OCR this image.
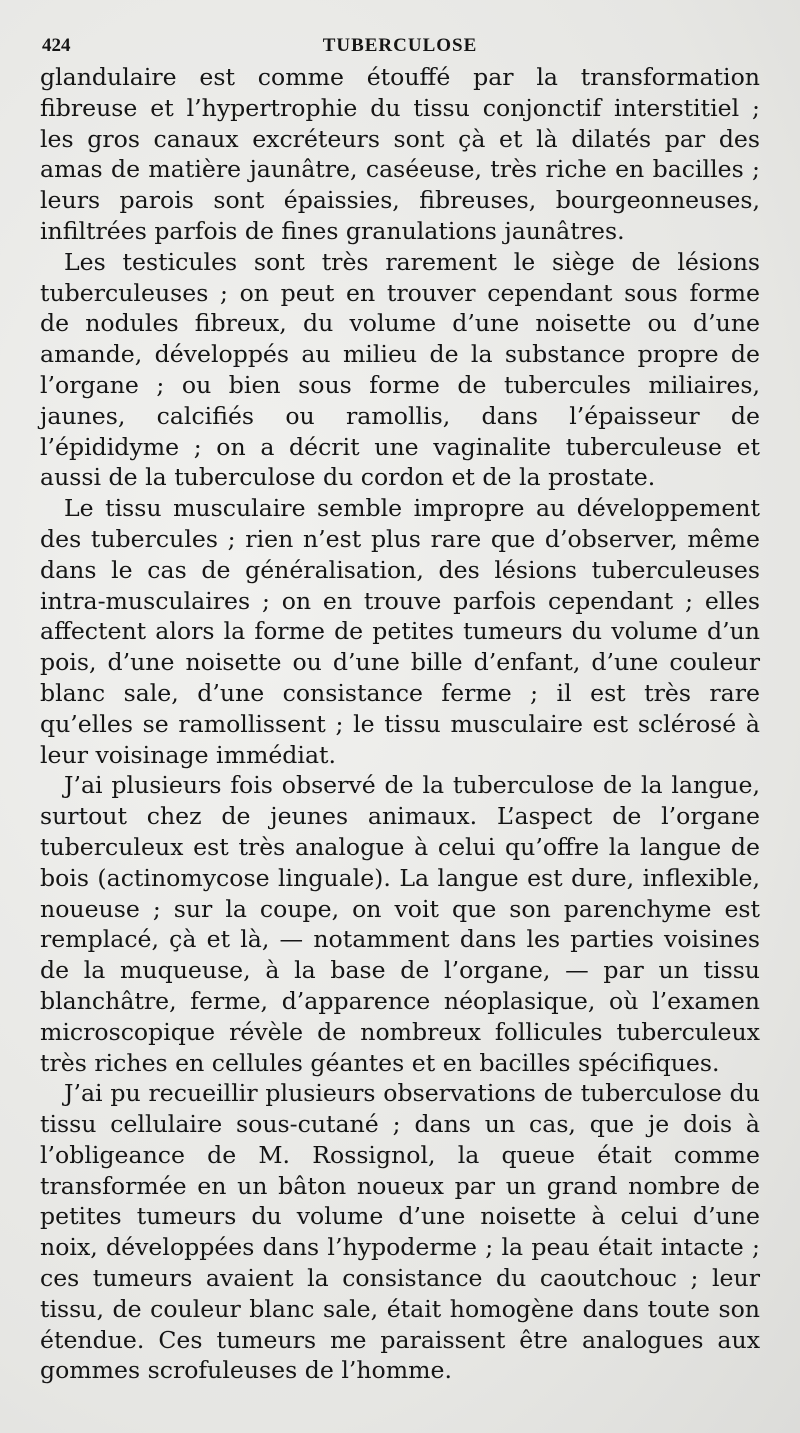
424	TUBERCULOSE

glandulaire est comme étouffé par la transformation fibreuse et l’hypertrophie du tissu conjonctif interstitiel ; les gros canaux excréteurs sont çà et là dilatés par des amas de matière jaunâtre, caséeuse, très riche en bacilles ; leurs parois sont épaissies, fibreuses, bourgeonneuses, infiltrées parfois de fines granulations jaunâtres.

Les testicules sont très rarement le siège de lésions tuberculeuses ; on peut en trouver cependant sous forme de nodules fibreux, du volume d’une noisette ou d’une amande, développés au milieu de la substance propre de l’organe ; ou bien sous forme de tubercules miliaires, jaunes, calcifiés ou ramollis, dans l’épaisseur de l’épididyme ; on a décrit une vaginalite tuberculeuse et aussi de la tuberculose du cordon et de la prostate.

Le tissu musculaire semble impropre au développement des tubercules ; rien n’est plus rare que d’observer, même dans le cas de généralisation, des lésions tuberculeuses intra-musculaires ; on en trouve parfois cependant ; elles affectent alors la forme de petites tumeurs du volume d’un pois, d’une noisette ou d’une bille d’enfant, d’une couleur blanc sale, d’une consistance ferme ; il est très rare qu’elles se ramollissent ; le tissu musculaire est sclérosé à leur voisinage immédiat.

J’ai plusieurs fois observé de la tuberculose de la langue, surtout chez de jeunes animaux. L’aspect de l’organe tuberculeux est très analogue à celui qu’offre la langue de bois (actinomycose linguale). La langue est dure, inflexible, noueuse ; sur la coupe, on voit que son parenchyme est remplacé, çà et là, — notamment dans les parties voisines de la muqueuse, à la base de l’organe, — par un tissu blanchâtre, ferme, d’apparence néoplasique, où l’examen microscopique révèle de nombreux follicules tuberculeux très riches en cellules géantes et en bacilles spécifiques.

J’ai pu recueillir plusieurs observations de tuberculose du tissu cellulaire sous-cutané ; dans un cas, que je dois à l’obligeance de M. Rossignol, la queue était comme transformée en un bâton noueux par un grand nombre de petites tumeurs du volume d’une noisette à celui d’une noix, développées dans l’hypoderme ; la peau était intacte ; ces tumeurs avaient la consistance du caoutchouc ; leur tissu, de couleur blanc sale, était homogène dans toute son étendue. Ces tumeurs me paraissent être analogues aux gommes scrofuleuses de l’homme.
